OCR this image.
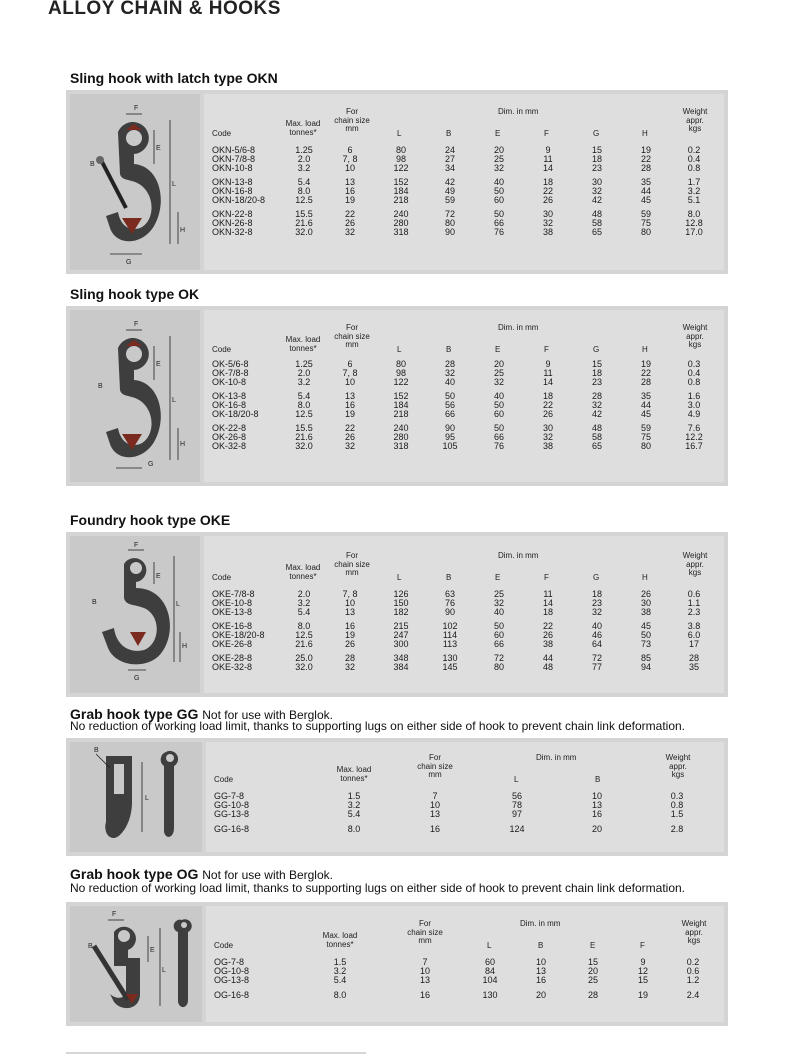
ALLOY CHAIN & HOOKS
Sling hook with latch type OKN
F
E
B
L
H
G
Code
Max. load
tonnes*
For
chain size
mm
Dim. in mm
L	B	E	F	G	H
Weight
appr.
kgs
OKN-5/6-8	1.25	6	80	24	20	9	15	19	0.2
OKN-7/8-8	2.0	7, 8	98	27	25	11	18	22	0.4
OKN-10-8	3.2	10	122	34	32	14	23	28	0.8
OKN-13-8	5.4	13	152	42	40	18	30	35	1.7
OKN-16-8	8.0	16	184	49	50	22	32	44	3.2
OKN-18/20-8	12.5	19	218	59	60	26	42	45	5.1
OKN-22-8	15.5	22	240	72	50	30	48	59	8.0
OKN-26-8	21.6	26	280	80	66	32	58	75	12.8
OKN-32-8	32.0	32	318	90	76	38	65	80	17.0
Sling hook type OK
F
E
B
L
H
G
Code
Max. load
tonnes*
For
chain size
mm
Dim. in mm
L	B	E	F	G	H
Weight
appr.
kgs
OK-5/6-8	1.25	6	80	28	20	9	15	19	0.3
OK-7/8-8	2.0	7, 8	98	32	25	11	18	22	0.4
OK-10-8	3.2	10	122	40	32	14	23	28	0.8
OK-13-8	5.4	13	152	50	40	18	28	35	1.6
OK-16-8	8.0	16	184	56	50	22	32	44	3.0
OK-18/20-8	12.5	19	218	66	60	26	42	45	4.9
OK-22-8	15.5	22	240	90	50	30	48	59	7.6
OK-26-8	21.6	26	280	95	66	32	58	75	12.2
OK-32-8	32.0	32	318	105	76	38	65	80	16.7
Foundry hook type OKE
F
E
B	L
H
G
Code
Max. load
tonnes*
For
chain size
mm
Dim. in mm
L	B	E	F	G	H
Weight
appr.
kgs
OKE-7/8-8	2.0	7, 8	126	63	25	11	18	26	0.6
OKE-10-8	3.2	10	150	76	32	14	23	30	1.1
OKE-13-8	5.4	13	182	90	40	18	32	38	2.3
OKE-16-8	8.0	16	215	102	50	22	40	45	3.8
OKE-18/20-8	12.5	19	247	114	60	26	46	50	6.0
OKE-26-8	21.6	26	300	113	66	38	64	73	17
OKE-28-8	25.0	28	348	130	72	44	72	85	28
OKE-32-8	32.0	32	384	145	80	48	77	94	35
Grab hook type GG Not for use with Berglok.
No reduction of working load limit, thanks to supporting lugs on either side of hook to prevent chain link deformation.
B
L
Code
Max. load
tonnes*
For
chain size
mm
Dim. in mm
L	B
Weight
appr.
kgs
GG-7-8	1.5	7	56	10	0.3
GG-10-8	3.2	10	78	13	0.8
GG-13-8	5.4	13	97	16	1.5
GG-16-8	8.0	16	124	20	2.8
Grab hook type OG Not for use with Berglok.
No reduction of working load limit, thanks to supporting lugs on either side of hook to prevent chain link deformation.
F
E
B
L
Code
Max. load
tonnes*
For
chain size
mm
Dim. in mm
L	B	E	F
Weight
appr.
kgs
OG-7-8	1.5	7	60	10	15	9	0.2
OG-10-8	3.2	10	84	13	20	12	0.6
OG-13-8	5.4	13	104	16	25	15	1.2
OG-16-8	8.0	16	130	20	28	19	2.4
